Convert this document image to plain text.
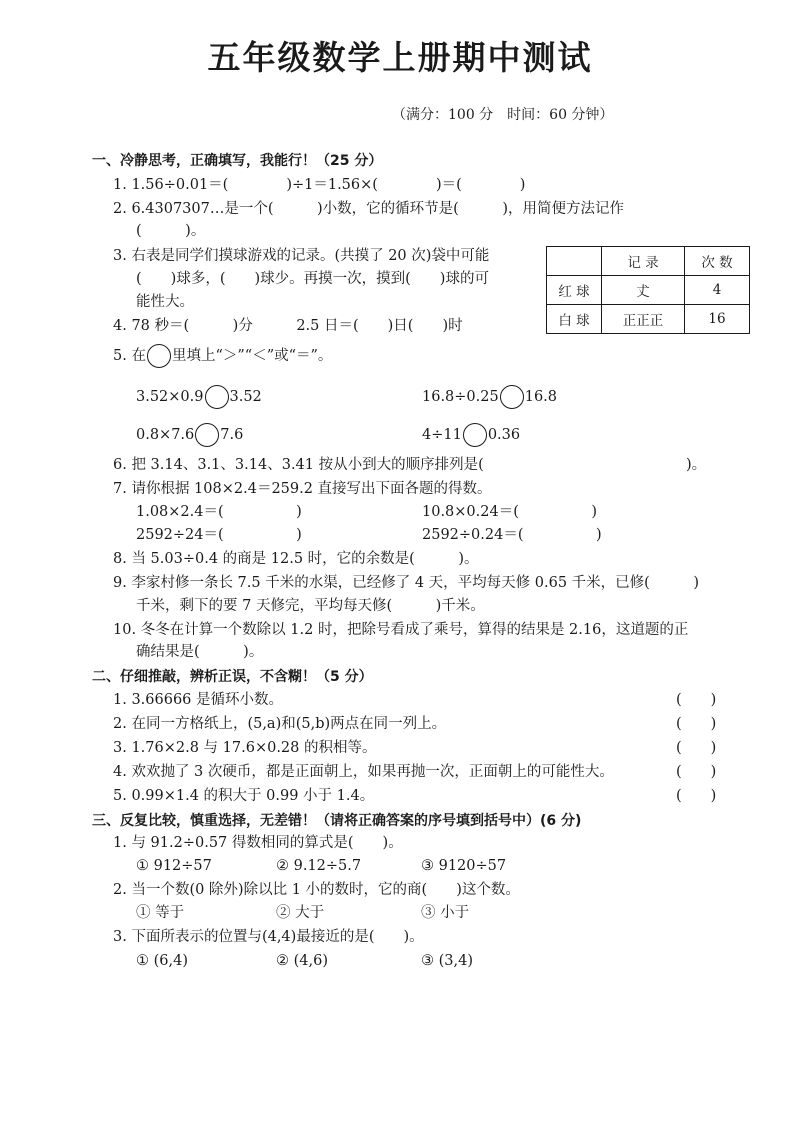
五年级数学上册期中测试
（满分：100 分　时间：60 分钟）
一、冷静思考，正确填写，我能行！（25 分）
1. 1.56÷0.01＝(　　　　)÷1＝1.56×(　　　　)＝(　　　　)
2. 6.4307307…是一个(　　　)小数，它的循环节是(　　　)，用简便方法记作
(　　　)。
3. 右表是同学们摸球游戏的记录。(共摸了 20 次)袋中可能
(　　)球多，(　　)球少。再摸一次，摸到(　　)球的可
能性大。
	记 录	次 数
红 球	𠀋	4
白 球	正正正	16
4. 78 秒＝(　　　)分　　　2.5 日＝(　　)日(　　)时
5. 在 里填上“＞”“＜”或“＝”。
3.52×0.9 3.52	16.8÷0.25 16.8
0.8×7.6 7.6	4÷11 0.36
6. 把 3.14、3.1、3.14、3.41 按从小到大的顺序排列是(	)。
7. 请你根据 108×2.4＝259.2 直接写出下面各题的得数。
1.08×2.4＝(　　　　　)	10.8×0.24＝(　　　　　)
2592÷24＝(　　　　　)	2592÷0.24＝(　　　　　)
8. 当 5.03÷0.4 的商是 12.5 时，它的余数是(　　　)。
9. 李家村修一条长 7.5 千米的水渠，已经修了 4 天，平均每天修 0.65 千米，已修(　　　)
千米，剩下的要 7 天修完，平均每天修(　　　)千米。
10. 冬冬在计算一个数除以 1.2 时，把除号看成了乘号，算得的结果是 2.16，这道题的正
确结果是(　　　)。
二、仔细推敲，辨析正误，不含糊！（5 分）
1. 3.66666 是循环小数。	(　　)
2. 在同一方格纸上，(5,a)和(5,b)两点在同一列上。	(　　)
3. 1.76×2.8 与 17.6×0.28 的积相等。	(　　)
4. 欢欢抛了 3 次硬币，都是正面朝上，如果再抛一次，正面朝上的可能性大。	(　　)
5. 0.99×1.4 的积大于 0.99 小于 1.4。	(　　)
三、反复比较，慎重选择，无差错！（请将正确答案的序号填到括号中）(6 分)
1. 与 91.2÷0.57 得数相同的算式是(　　)。
① 912÷57	② 9.12÷5.7	③ 9120÷57
2. 当一个数(0 除外)除以比 1 小的数时，它的商(　　)这个数。
① 等于	② 大于	③ 小于
3. 下面所表示的位置与(4,4)最接近的是(　　)。
① (6,4)	② (4,6)	③ (3,4)
